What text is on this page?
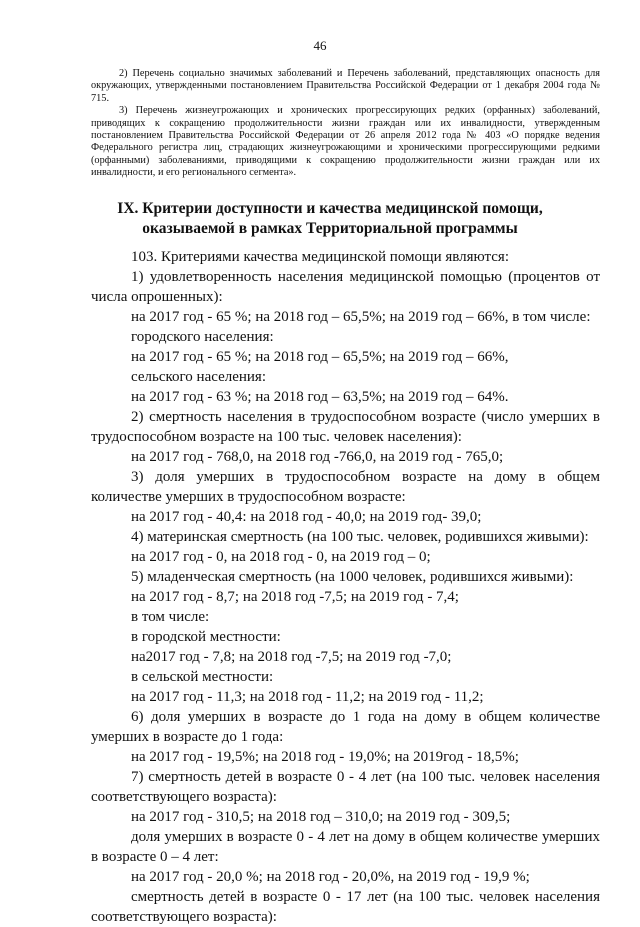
46

2) Перечень социально значимых заболеваний и Перечень заболеваний, представляющих опасность для окружающих, утвержденными постановлением Правительства Российской Федерации от 1 декабря 2004 года № 715.

3) Перечень жизнеугрожающих и хронических прогрессирующих редких (орфанных) заболеваний, приводящих к сокращению продолжительности жизни граждан или их инвалидности, утвержденным постановлением Правительства Российской Федерации от 26 апреля 2012 года № 403 «О порядке ведения Федерального регистра лиц, страдающих жизнеугрожающими и хроническими прогрессирующими редкими (орфанными) заболеваниями, приводящими к сокращению продолжительности жизни граждан или их инвалидности, и его регионального сегмента».

IX. Критерии доступности и качества медицинской помощи,
оказываемой в рамках Территориальной программы

103. Критериями качества медицинской помощи являются:

1) удовлетворенность населения медицинской помощью (процентов от числа опрошенных):

на 2017 год - 65 %; на 2018 год – 65,5%; на 2019 год – 66%, в том числе:

городского населения:

на 2017 год - 65 %; на 2018 год – 65,5%; на 2019 год – 66%,

сельского населения:

на 2017 год - 63 %; на 2018 год – 63,5%; на 2019 год – 64%.

2) смертность населения в трудоспособном возрасте (число умерших в трудоспособном возрасте на 100 тыс. человек населения):

на 2017 год - 768,0, на 2018 год -766,0, на 2019 год - 765,0;

3) доля умерших в трудоспособном возрасте на дому в общем количестве умерших в трудоспособном возрасте:

на 2017 год - 40,4: на 2018 год - 40,0; на 2019 год- 39,0;

4) материнская смертность (на 100 тыс. человек, родившихся живыми):

на 2017 год - 0, на 2018 год - 0, на 2019 год – 0;

5) младенческая смертность (на 1000 человек, родившихся живыми):

на 2017 год - 8,7; на 2018 год -7,5; на 2019 год - 7,4;

в том числе:

в городской местности:

на2017 год - 7,8; на 2018 год -7,5; на 2019 год -7,0;

в сельской местности:

на 2017 год - 11,3; на 2018 год - 11,2; на 2019 год - 11,2;

6) доля умерших в возрасте до 1 года на дому в общем количестве умерших в возрасте до 1 года:

на 2017 год - 19,5%; на 2018 год - 19,0%; на 2019год - 18,5%;

7) смертность детей в возрасте 0 - 4 лет (на 100 тыс. человек населения соответствующего возраста):

на 2017 год - 310,5; на 2018 год – 310,0; на 2019 год - 309,5;

доля умерших в возрасте 0 - 4 лет на дому в общем количестве умерших в возрасте 0 – 4 лет:

на 2017 год - 20,0 %; на 2018 год - 20,0%, на 2019 год - 19,9 %;

смертность детей в возрасте 0 - 17 лет (на 100 тыс. человек населения соответствующего возраста):
